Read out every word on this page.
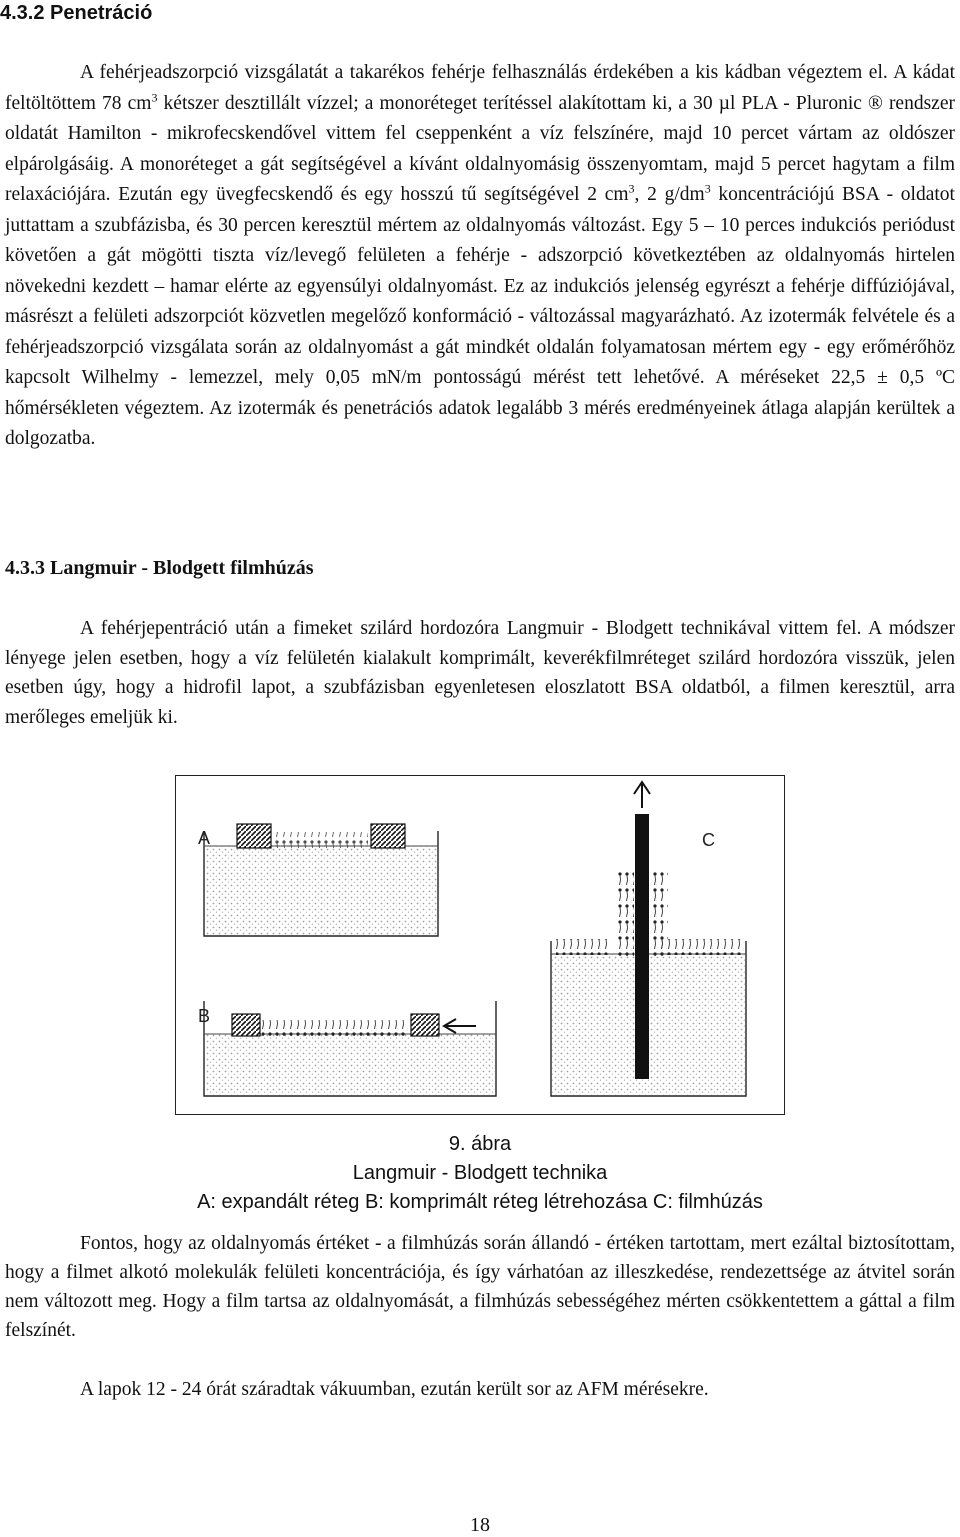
4.3.2 Penetráció

A fehérjeadszorpció vizsgálatát a takarékos fehérje felhasználás érdekében a kis kádban végeztem el. A kádat feltöltöttem 78 $cm^3$ kétszer desztillált vízzel; a monoréteget terítéssel alakítottam ki, a 30 µl PLA - Pluronic ® rendszer oldatát Hamilton - mikrofecskendővel vittem fel cseppenként a víz felszínére, majd 10 percet vártam az oldószer elpárolgásáig. A monoréteget a gát segítségével a kívánt oldalnyomásig összenyomtam, majd 5 percet hagytam a film relaxációjára. Ezután egy üvegfecskendő és egy hosszú tű segítségével 2 $cm^3$, 2 $g/dm^3$ koncentrációjú BSA - oldatot juttattam a szubfázisba, és 30 percen keresztül mértem az oldalnyomás változást. Egy 5 – 10 perces indukciós periódust követően a gát mögötti tiszta víz/levegő felületen a fehérje - adszorpció következtében az oldalnyomás hirtelen növekedni kezdett – hamar elérte az egyensúlyi oldalnyomást. Ez az indukciós jelenség egyrészt a fehérje diffúziójával, másrészt a felületi adszorpciót közvetlen megelőző konformáció - változással magyarázható. Az izotermák felvétele és a fehérjeadszorpció vizsgálata során az oldalnyomást a gát mindkét oldalán folyamatosan mértem egy - egy erőmérőhöz kapcsolt Wilhelmy - lemezzel, mely 0,05 mN/m pontosságú mérést tett lehetővé. A méréseket 22,5 ± 0,5 ºC hőmérsékleten végeztem. Az izotermák és penetrációs adatok legalább 3 mérés eredményeinek átlaga alapján kerültek a dolgozatba.

4.3.3 Langmuir - Blodgett filmhúzás

A fehérjepentráció után a fimeket szilárd hordozóra Langmuir - Blodgett technikával vittem fel. A módszer lényege jelen esetben, hogy a víz felületén kialakult komprimált, keverékfilmréteget szilárd hordozóra visszük, jelen esetben úgy, hogy a hidrofil lapot, a szubfázisban egyenletesen eloszlatott BSA oldatból, a filmen keresztül, arra merőleges emeljük ki.

A
B
C
9. ábra
Langmuir - Blodgett technika
A: expandált réteg B: komprimált réteg létrehozása C: filmhúzás

Fontos, hogy az oldalnyomás értéket - a filmhúzás során állandó - értéken tartottam, mert ezáltal biztosítottam, hogy a filmet alkotó molekulák felületi koncentrációja, és így várhatóan az illeszkedése, rendezettsége az átvitel során nem változott meg. Hogy a film tartsa az oldalnyomását, a filmhúzás sebességéhez mérten csökkentettem a gáttal a film felszínét.

A lapok 12 - 24 órát száradtak vákuumban, ezután került sor az AFM mérésekre.

18
